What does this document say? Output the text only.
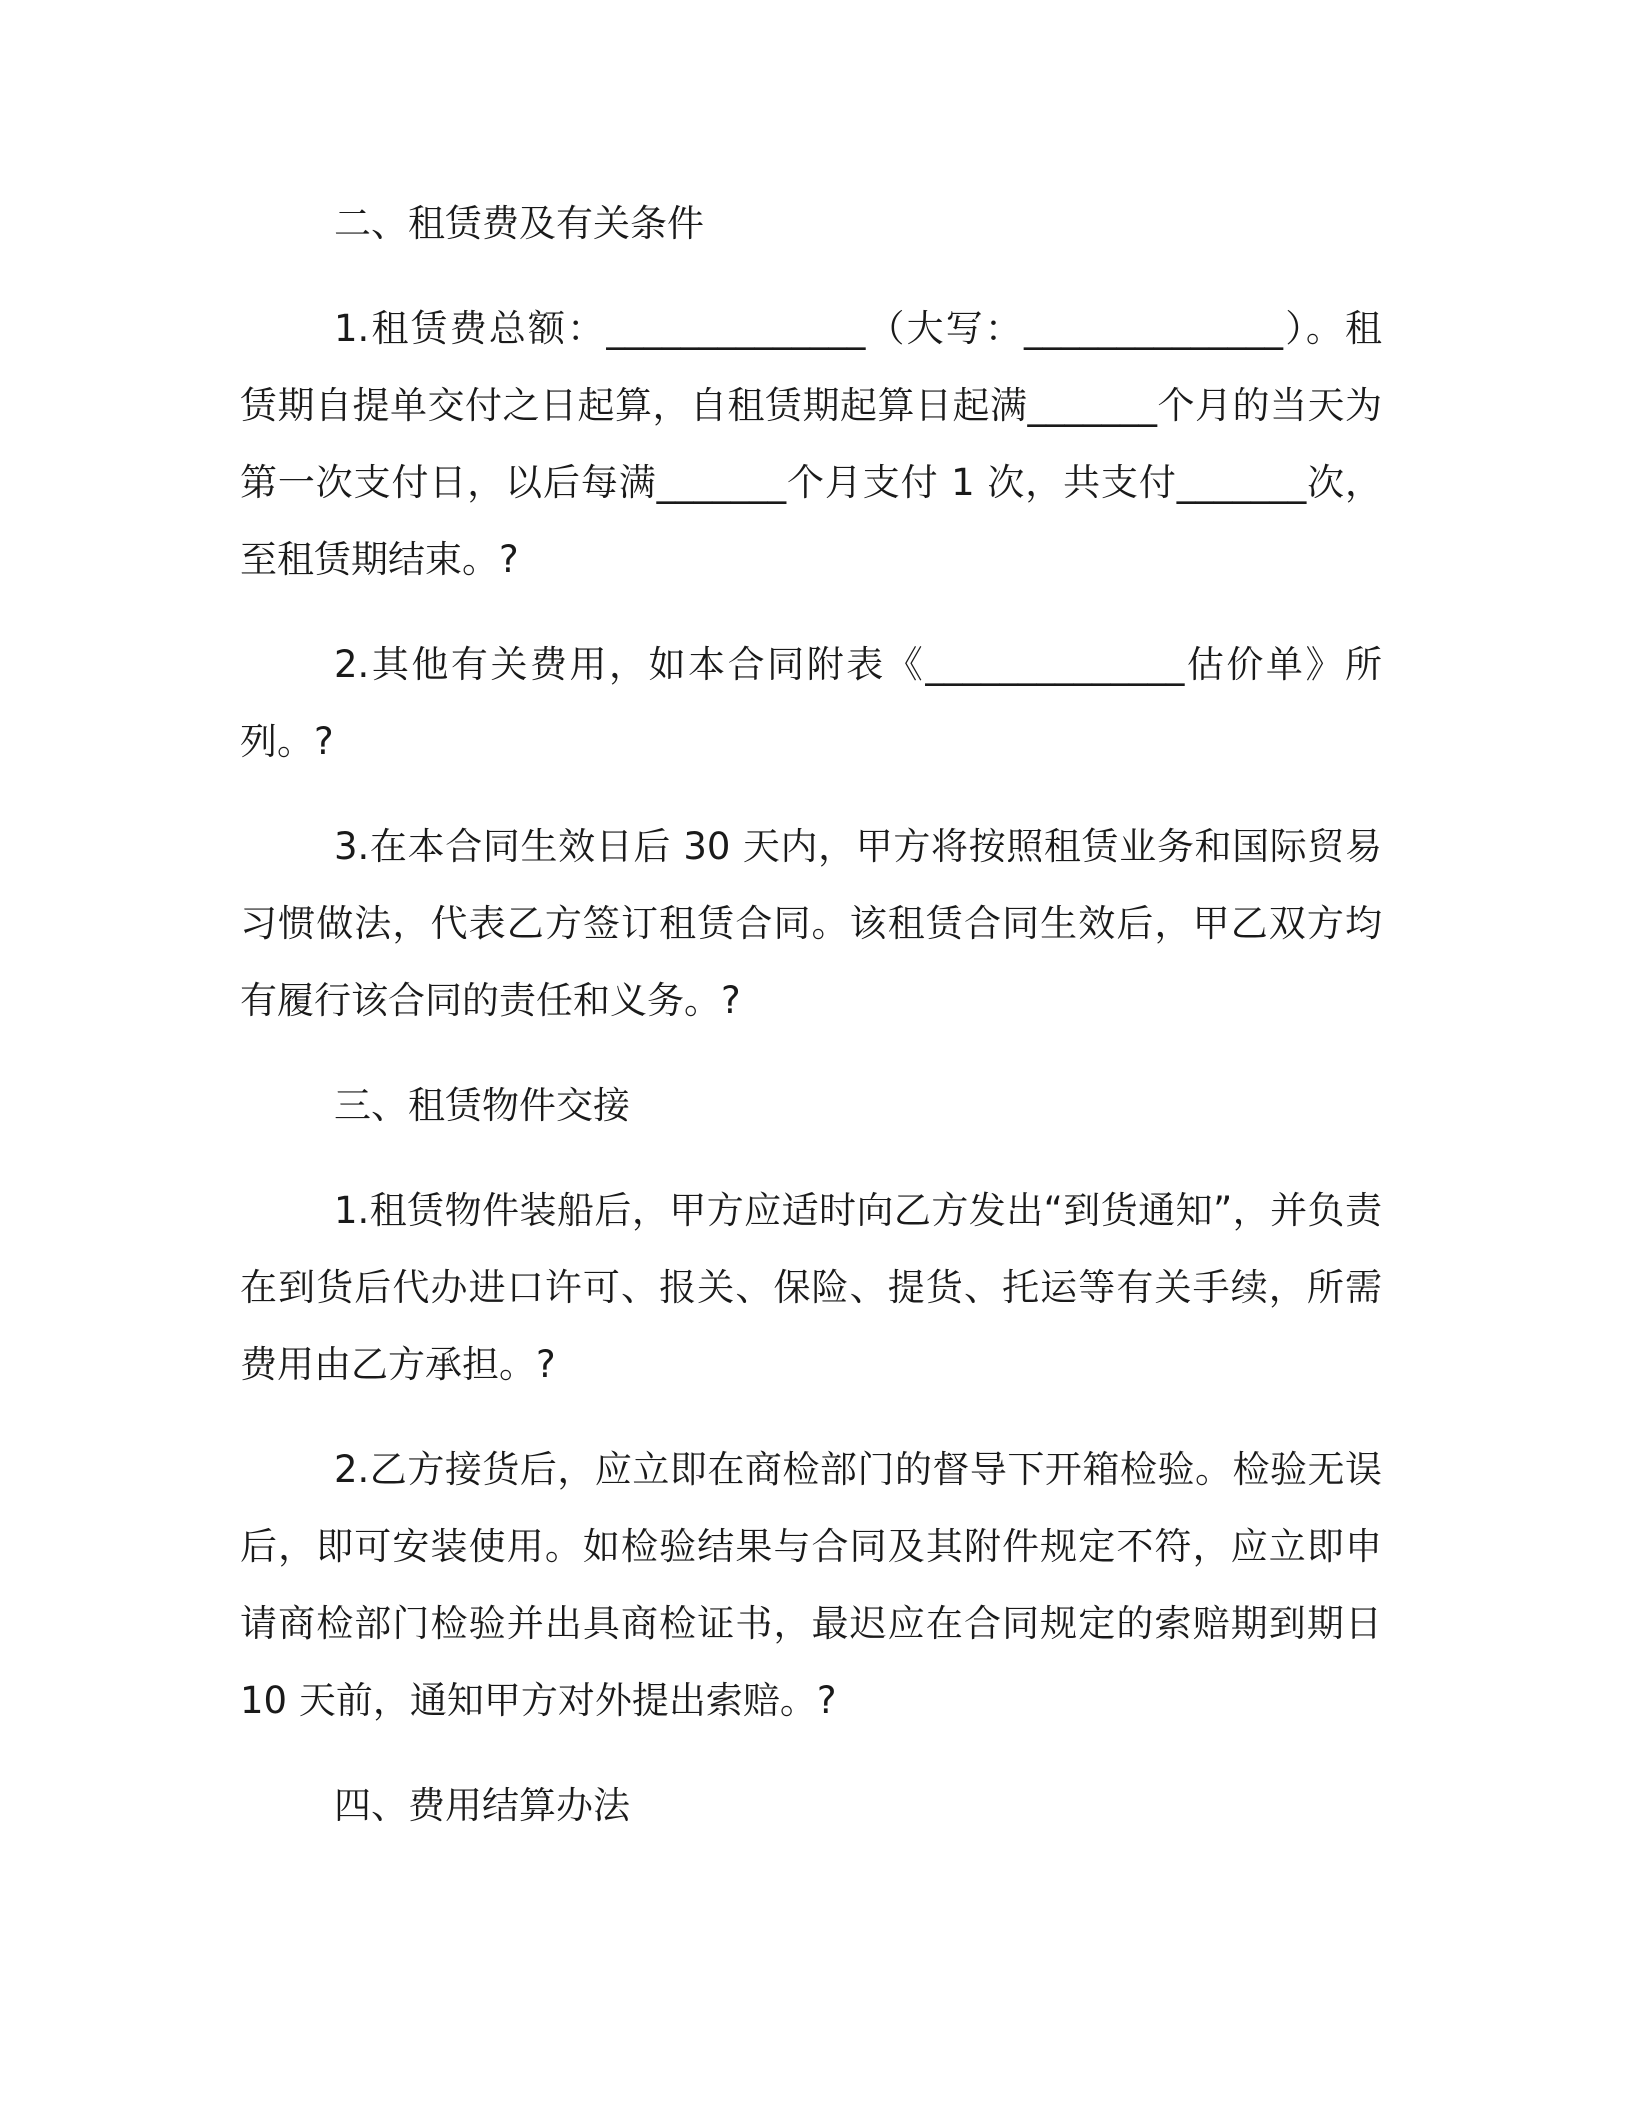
二、租赁费及有关条件

1.租赁费总额：______________（大写：______________）。租赁期自提单交付之日起算，自租赁期起算日起满_______个月的当天为第一次支付日，以后每满_______个月支付 1 次，共支付_______次，至租赁期结束。?

2.其他有关费用，如本合同附表《______________估价单》所列。?

3.在本合同生效日后 30 天内，甲方将按照租赁业务和国际贸易习惯做法，代表乙方签订租赁合同。该租赁合同生效后，甲乙双方均有履行该合同的责任和义务。?

三、租赁物件交接

1.租赁物件装船后，甲方应适时向乙方发出“到货通知”，并负责在到货后代办进口许可、报关、保险、提货、托运等有关手续，所需费用由乙方承担。?

2.乙方接货后，应立即在商检部门的督导下开箱检验。检验无误后，即可安装使用。如检验结果与合同及其附件规定不符，应立即申请商检部门检验并出具商检证书，最迟应在合同规定的索赔期到期日 10 天前，通知甲方对外提出索赔。?

四、费用结算办法
